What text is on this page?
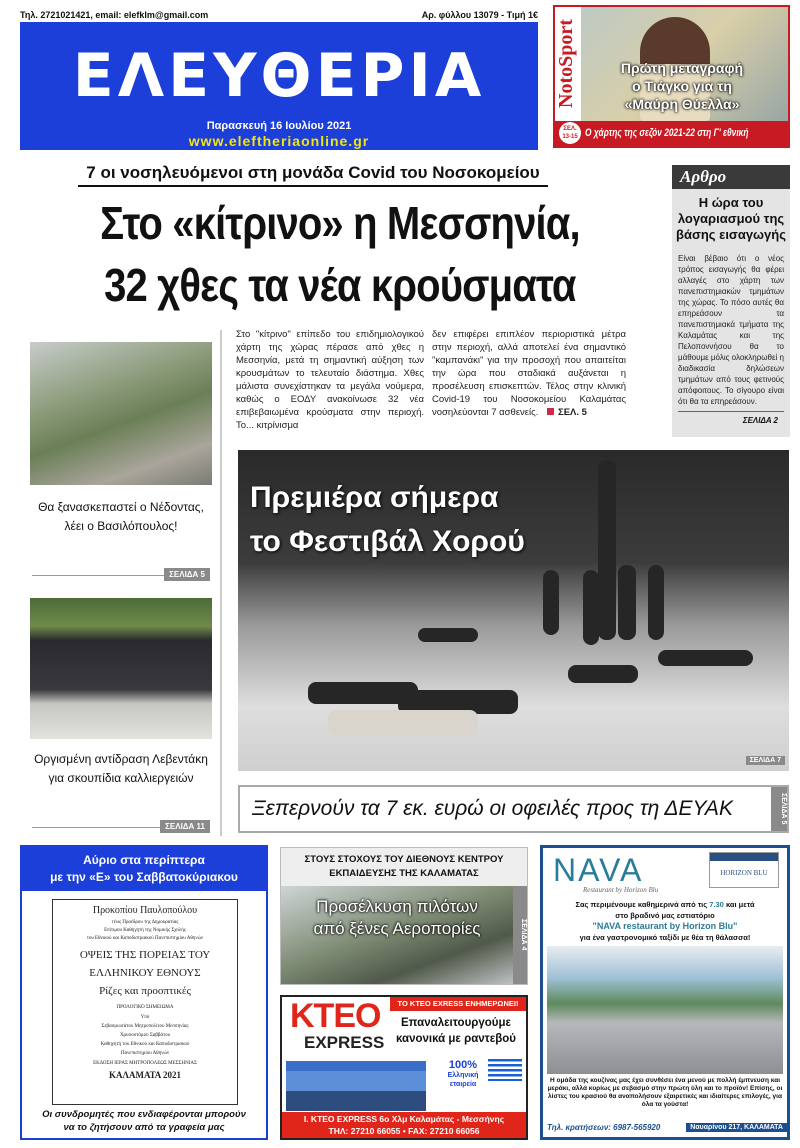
Τηλ. 2721021421, email: elefklm@gmail.com	Αρ. φύλλου 13079 - Τιμή 1€
ΕΛΕΥΘΕΡΙΑ
Παρασκευή 16 Ιουλίου 2021
www.eleftheriaonline.gr
NotoSport	Πρώτη μεταγραφή
ο Τιάγκο για τη
«Μαύρη Θύελλα»
ΣΕΛ. 13-15 Ο χάρτης της σεζόν 2021-22 στη Γ' εθνική
7 οι νοσηλευόμενοι στη μονάδα Covid του Νοσοκομείου
Στο «κίτρινο» η Μεσσηνία,
32 χθες τα νέα κρούσματα
Αρθρο
Η ώρα του λογαριασμού της βάσης εισαγωγής
Είναι βέβαιο ότι ο νέος τρόπος εισαγωγής θα φέρει αλλαγές στο χάρτη των πανεπιστημιακών τμημάτων της χώρας. Το πόσο αυτές θα επηρεάσουν τα πανεπιστημιακά τμήματα της Καλαμάτας και της Πελοποννήσου θα το μάθουμε μόλις ολοκληρωθεί η διαδικασία δηλώσεων τμημάτων από τους φετινούς απόφοιτους. Το σίγουρο είναι ότι θα τα επηρεάσουν.
ΣΕΛΙΔΑ 2
Στο "κίτρινο" επίπεδο του επιδημιολογικού χάρτη της χώρας πέρασε από χθες η Μεσσηνία, μετά τη σημαντική αύξηση των κρουσμάτων το τελευταίο διάστημα. Χθες μάλιστα συνεχίστηκαν τα μεγάλα νούμερα, καθώς ο ΕΟΔΥ ανακοίνωσε 32 νέα επιβεβαιωμένα κρούσματα στην περιοχή. Το... κιτρίνισμα
δεν επιφέρει επιπλέον περιοριστικά μέτρα στην περιοχή, αλλά αποτελεί ένα σημαντικό "καμπανάκι" για την προσοχή που απαιτείται την ώρα που σταδιακά αυξάνεται η προσέλευση επισκεπτών. Τέλος στην κλινική Covid-19 του Νοσοκομείου Καλαμάτας νοσηλεύονται 7 ασθενείς. ΣΕΛ. 5
Θα ξανασκεπαστεί ο Νέδοντας, λέει ο Βασιλόπουλος!
ΣΕΛΙΔΑ 5
Οργισμένη αντίδραση Λεβεντάκη για σκουπίδια καλλιεργειών
ΣΕΛΙΔΑ 11
Πρεμιέρα σήμερα
το Φεστιβάλ Χορού
ΣΕΛΙΔΑ 7
Ξεπερνούν τα 7 εκ. ευρώ οι οφειλές προς τη ΔΕΥΑΚ	ΣΕΛΙΔΑ 5
Αύριο στα περίπτερα
με την «Ε» του Σαββατοκύριακου
Προκοπίου Παυλοπούλου
τέως Προέδρου της Δημοκρατίας
Επίτιμου Καθηγητή της Νομικής Σχολής
του Εθνικού και Καποδιστριακού Πανεπιστημίου Αθηνών
ΟΨΕΙΣ ΤΗΣ ΠΟΡΕΙΑΣ ΤΟΥ
ΕΛΛΗΝΙΚΟΥ ΕΘΝΟΥΣ
Ρίζες και προοπτικές
ΠΡΟΛΟΓΙΚΟ ΣΗΜΕΙΩΜΑ
Υπό
Σεβασμιωτάτου Μητροπολίτου Μεσσηνίας
Χρυσοστόμου Σαββάτου
Καθηγητή του Εθνικού και Καποδιστριακού
Πανεπιστημίου Αθηνών
ΕΚΔΟΣΗ ΙΕΡΑΣ ΜΗΤΡΟΠΟΛΕΩΣ ΜΕΣΣΗΝΙΑΣ
ΚΑΛΑΜΑΤΑ 2021
Οι συνδρομητές που ενδιαφέρονται μπορούν
να το ζητήσουν από τα γραφεία μας
ΣΤΟΥΣ ΣΤΟΧΟΥΣ ΤΟΥ ΔΙΕΘΝΟΥΣ ΚΕΝΤΡΟΥ
ΕΚΠΑΙΔΕΥΣΗΣ ΤΗΣ ΚΑΛΑΜΑΤΑΣ
Προσέλκυση πιλότων
από ξένες Αεροπορίες	ΣΕΛΙΔΑ 4
ΚΤΕΟ
EXPRESS
ΤΟ ΚΤΕΟ EXRESS ΕΝΗΜΕΡΩΝΕΙ!
Επαναλειτουργούμε
κανονικά με ραντεβού
100%
Ελληνική εταιρεία
Ι. ΚΤΕΟ EXPRESS 6ο Χλμ Καλαμάτας - Μεσσήνης
ΤΗΛ: 27210 66055 • FAX: 27210 66056
NAVA
Restaurant by Horizon Blu
HORIZON BLU
Σας περιμένουμε καθημερινά από τις 7.30 και μετά
στο βραδινό μας εστιατόριο
"NAVA restaurant by Horizon Blu"
για ένα γαστρονομικό ταξίδι με θέα τη θάλασσα!
Η ομάδα της κουζίνας μας έχει συνθέσει ένα μενού με πολλή έμπνευση και μεράκι, αλλά κυρίως με σεβασμό στην πρώτη ύλη και το προϊόν! Επίσης, οι λίστες του κρασιού θα αναπολήσουν εξαιρετικές και ιδιαίτερες επιλογές, για όλα τα γούστα!
Τηλ. κρατήσεων: 6987-565920	Ναυαρίνου 217, ΚΑΛΑΜΑΤΑ
